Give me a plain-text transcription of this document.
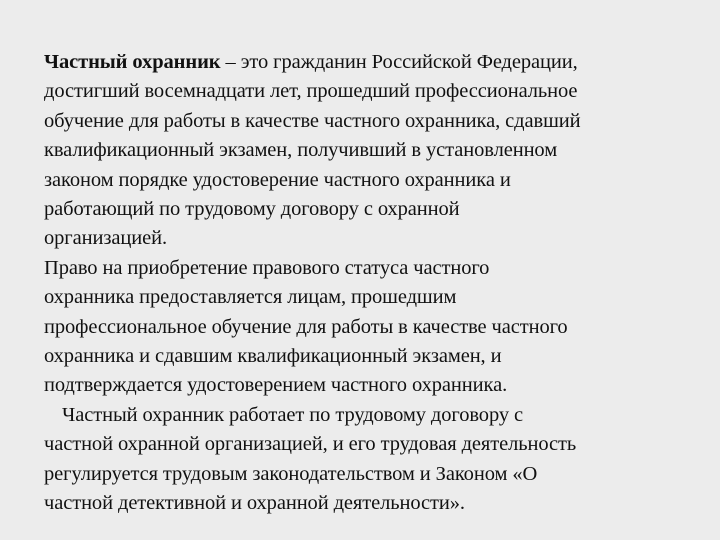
Частный охранник – это гражданин Российской Федерации,
достигший восемнадцати лет, прошедший профессиональное
обучение для работы в качестве частного охранника, сдавший
квалификационный экзамен, получивший в установленном
законом порядке удостоверение частного охранника и
работающий по трудовому договору с охранной
организацией.
Право на приобретение правового статуса частного
охранника предоставляется лицам, прошедшим
профессиональное обучение для работы в качестве частного
охранника и сдавшим квалификационный экзамен, и
подтверждается удостоверением частного охранника.
Частный охранник работает по трудовому договору с
частной охранной организацией, и его трудовая деятельность
регулируется трудовым законодательством и Законом «О
частной детективной и охранной деятельности».
